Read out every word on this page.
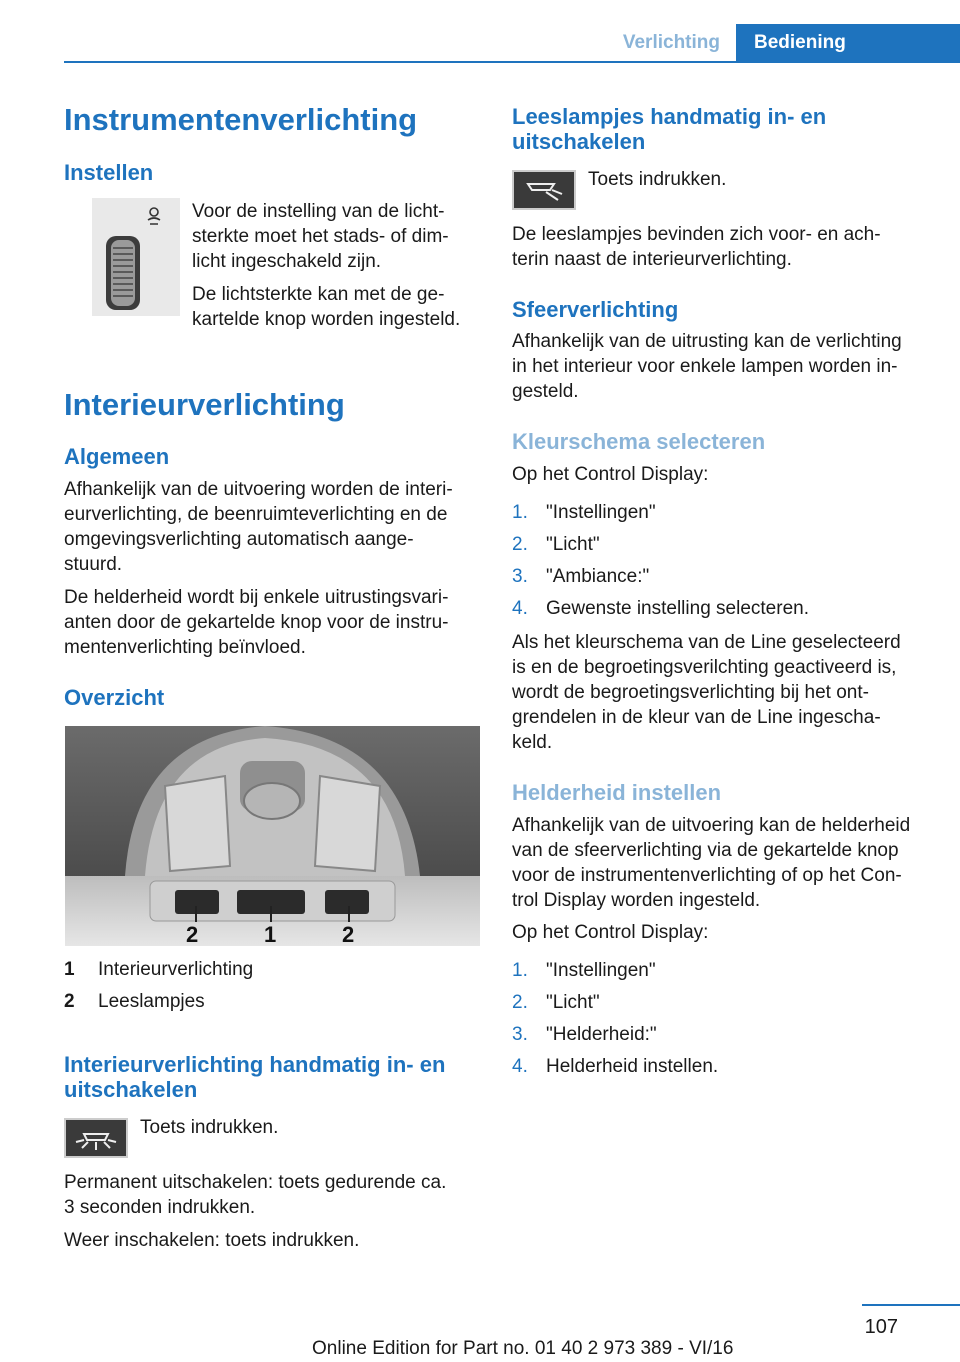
Verlichting	Bediening
Instrumentenverlichting
Instellen
Voor de instelling van de licht-
sterkte moet het stads- of dim-
licht ingeschakeld zijn.
De lichtsterkte kan met de ge-
kartelde knop worden ingesteld.
Interieurverlichting
Algemeen
Afhankelijk van de uitvoering worden de interi-
eurverlichting, de beenruimteverlichting en de
omgevingsverlichting automatisch aange-
stuurd.
De helderheid wordt bij enkele uitrustingsvari-
anten door de gekartelde knop voor de instru-
mentenverlichting beïnvloed.
Overzicht
2	1	2
1 Interieurverlichting
2 Leeslampjes
Interieurverlichting handmatig in- en
uitschakelen
Toets indrukken.
Permanent uitschakelen: toets gedurende ca.
3 seconden indrukken.
Weer inschakelen: toets indrukken.
Leeslampjes handmatig in- en
uitschakelen
Toets indrukken.
De leeslampjes bevinden zich voor- en ach-
terin naast de interieurverlichting.
Sfeerverlichting
Afhankelijk van de uitrusting kan de verlichting
in het interieur voor enkele lampen worden in-
gesteld.
Kleurschema selecteren
Op het Control Display:
1. "Instellingen"
2. "Licht"
3. "Ambiance:"
4. Gewenste instelling selecteren.
Als het kleurschema van de Line geselecteerd
is en de begroetingsverilchting geactiveerd is,
wordt de begroetingsverlichting bij het ont-
grendelen in de kleur van de Line ingescha-
keld.
Helderheid instellen
Afhankelijk van de uitvoering kan de helderheid
van de sfeerverlichting via de gekartelde knop
voor de instrumentenverlichting of op het Con-
trol Display worden ingesteld.
Op het Control Display:
1. "Instellingen"
2. "Licht"
3. "Helderheid:"
4. Helderheid instellen.
107
Online Edition for Part no. 01 40 2 973 389 - VI/16
